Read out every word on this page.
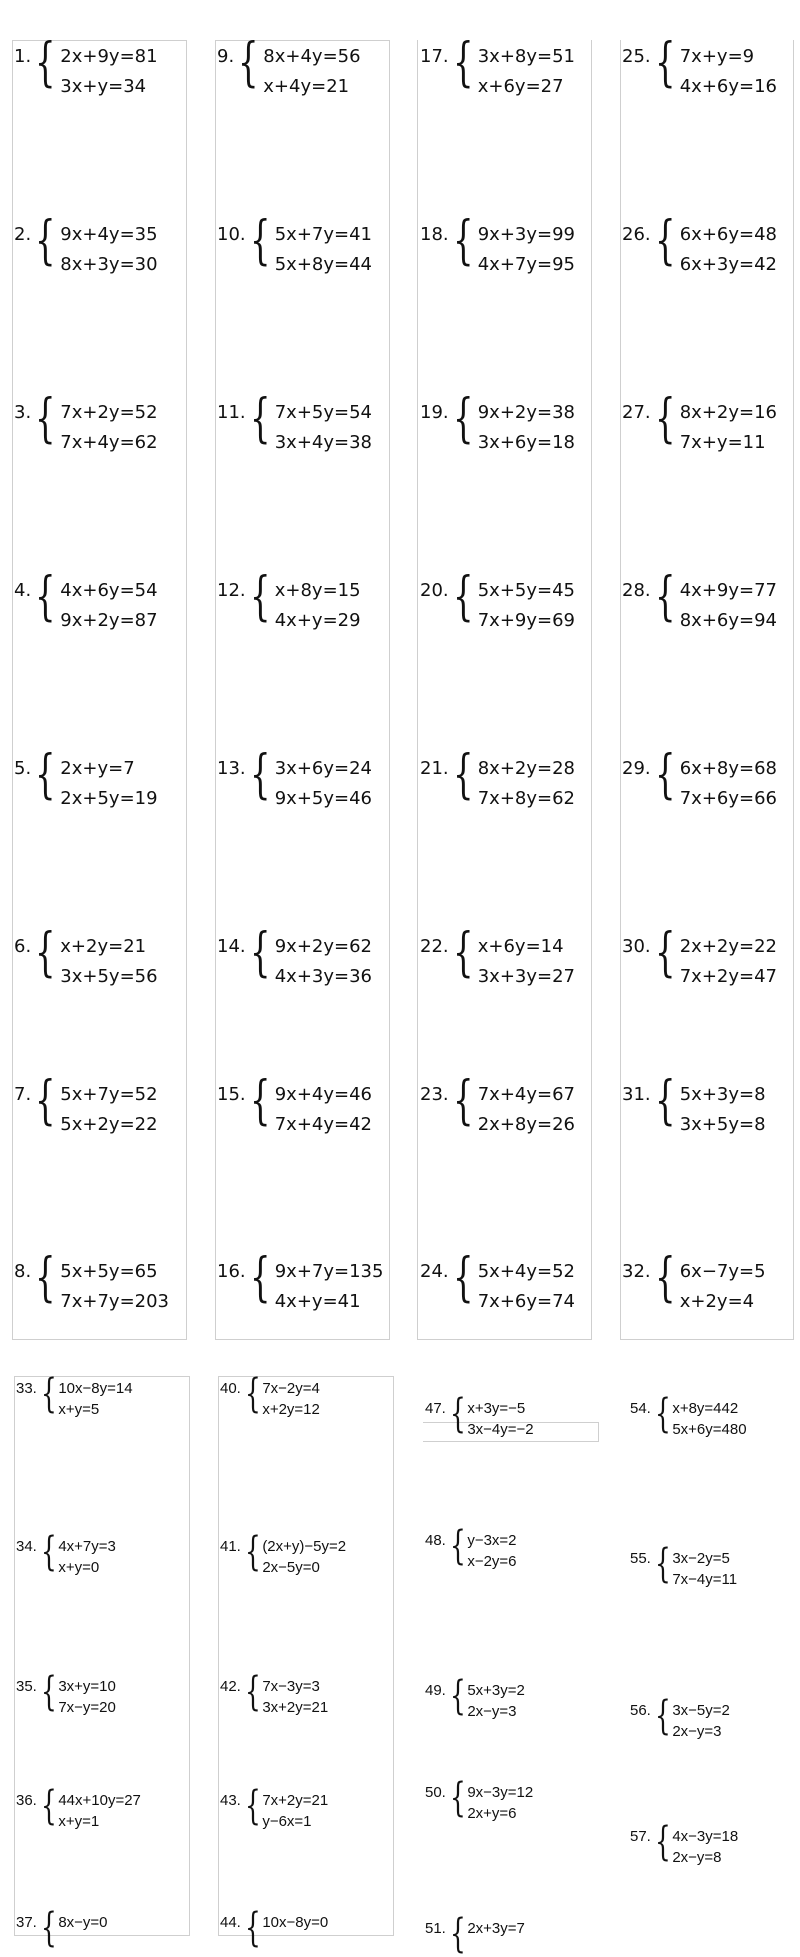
1. { 2x+9y=81
3x+y=34
2. { 9x+4y=35
8x+3y=30
3. { 7x+2y=52
7x+4y=62
4. { 4x+6y=54
9x+2y=87
5. { 2x+y=7
2x+5y=19
6. { x+2y=21
3x+5y=56
7. { 5x+7y=52
5x+2y=22
8. { 5x+5y=65
7x+7y=203
9. { 8x+4y=56
x+4y=21
10. { 5x+7y=41
5x+8y=44
11. { 7x+5y=54
3x+4y=38
12. { x+8y=15
4x+y=29
13. { 3x+6y=24
9x+5y=46
14. { 9x+2y=62
4x+3y=36
15. { 9x+4y=46
7x+4y=42
16. { 9x+7y=135
4x+y=41
17. { 3x+8y=51
x+6y=27
18. { 9x+3y=99
4x+7y=95
19. { 9x+2y=38
3x+6y=18
20. { 5x+5y=45
7x+9y=69
21. { 8x+2y=28
7x+8y=62
22. { x+6y=14
3x+3y=27
23. { 7x+4y=67
2x+8y=26
24. { 5x+4y=52
7x+6y=74
25. { 7x+y=9
4x+6y=16
26. { 6x+6y=48
6x+3y=42
27. { 8x+2y=16
7x+y=11
28. { 4x+9y=77
8x+6y=94
29. { 6x+8y=68
7x+6y=66
30. { 2x+2y=22
7x+2y=47
31. { 5x+3y=8
3x+5y=8
32. { 6x−7y=5
x+2y=4
33. { 10x−8y=14
x+y=5
34. { 4x+7y=3
x+y=0
35. { 3x+y=10
7x−y=20
36. { 44x+10y=27
x+y=1
37. { 8x−y=0
40. { 7x−2y=4
x+2y=12
41. { (2x+y)−5y=2
2x−5y=0
42. { 7x−3y=3
3x+2y=21
43. { 7x+2y=21
y−6x=1
44. { 10x−8y=0
47. { x+3y=−5
3x−4y=−2
48. { y−3x=2
x−2y=6
49. { 5x+3y=2
2x−y=3
50. { 9x−3y=12
2x+y=6
51. { 2x+3y=7
54. { x+8y=442
5x+6y=480
55. { 3x−2y=5
7x−4y=11
56. { 3x−5y=2
2x−y=3
57. { 4x−3y=18
2x−y=8
